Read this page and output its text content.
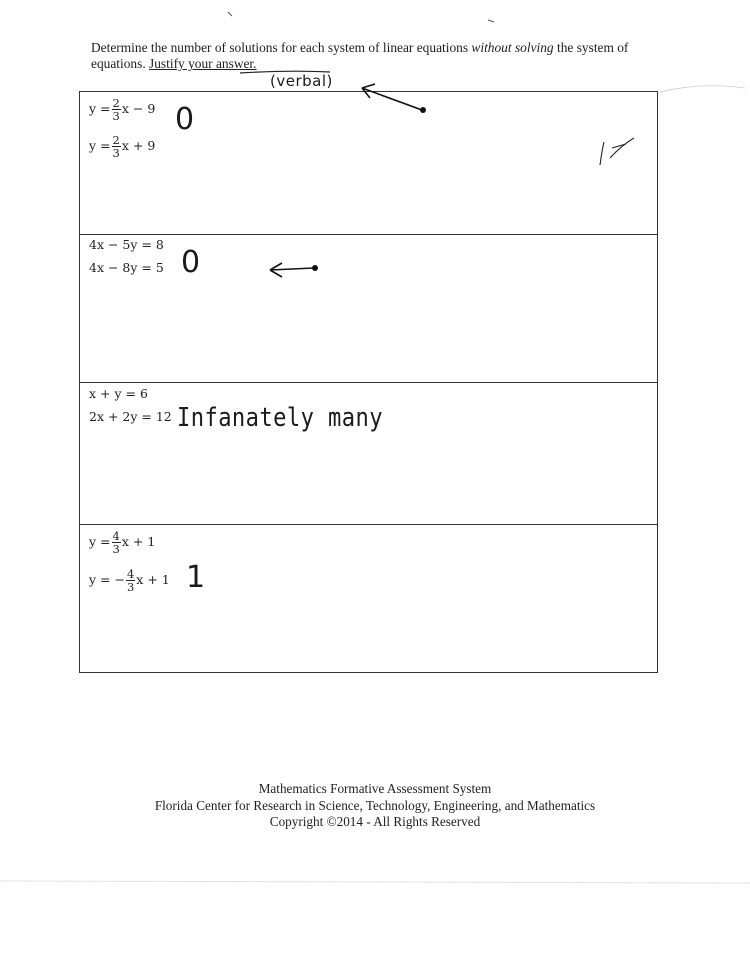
Determine the number of solutions for each system of linear equations without solving the system of equations. Justify your answer.
(verbal)
$y = \frac{2}{3}$ x − 9
$y = \frac{2}{3}$ x + 9
0
4x − 5y = 8
4x − 8y = 5 0
x + y = 6
2x + 2y = 12 Infanately many
$y = \frac{4}{3}$ x + 1
y = − $\frac{4}{3}$ x + 1 1
Mathematics Formative Assessment System
Florida Center for Research in Science, Technology, Engineering, and Mathematics
Copyright ©2014 - All Rights Reserved
